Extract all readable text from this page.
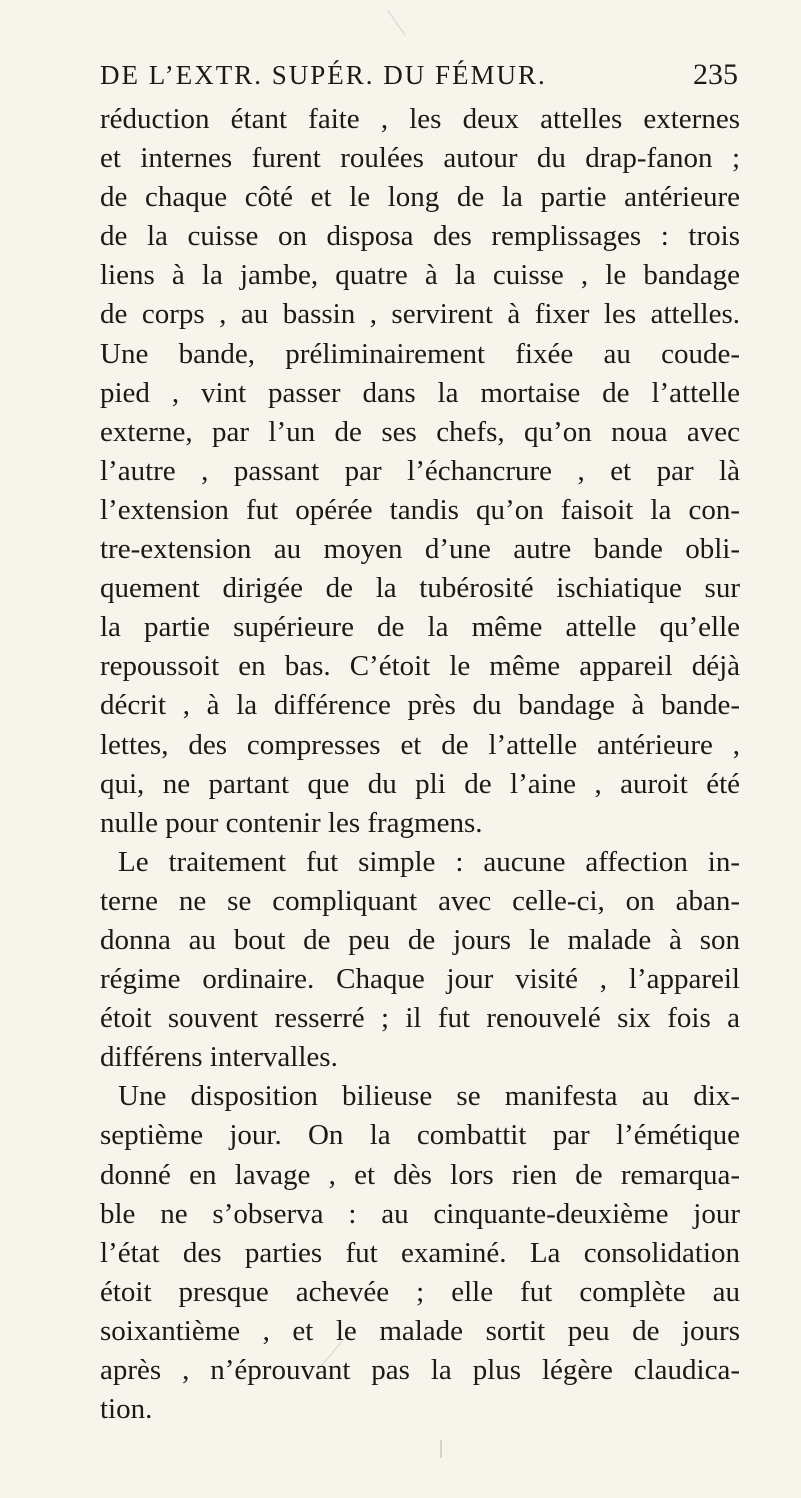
DE L’EXTR. SUPÉR. DU FÉMUR.	235
réduction étant faite , les deux attelles externes
et internes furent roulées autour du drap-fanon ;
de chaque côté et le long de la partie antérieure
de la cuisse on disposa des remplissages : trois
liens à la jambe, quatre à la cuisse , le bandage
de corps , au bassin , servirent à fixer les attelles.
Une bande, préliminairement fixée au coude-
pied , vint passer dans la mortaise de l’attelle
externe, par l’un de ses chefs, qu’on noua avec
l’autre , passant par l’échancrure , et par là
l’extension fut opérée tandis qu’on faisoit la con-
tre-extension au moyen d’une autre bande obli-
quement dirigée de la tubérosité ischiatique sur
la partie supérieure de la même attelle qu’elle
repoussoit en bas. C’étoit le même appareil déjà
décrit , à la différence près du bandage à bande-
lettes, des compresses et de l’attelle antérieure ,
qui, ne partant que du pli de l’aine , auroit été
nulle pour contenir les fragmens.
Le traitement fut simple : aucune affection in-
terne ne se compliquant avec celle-ci, on aban-
donna au bout de peu de jours le malade à son
régime ordinaire. Chaque jour visité , l’appareil
étoit souvent resserré ; il fut renouvelé six fois a
différens intervalles.
Une disposition bilieuse se manifesta au dix-
septième jour. On la combattit par l’émétique
donné en lavage , et dès lors rien de remarqua-
ble ne s’observa : au cinquante-deuxième jour
l’état des parties fut examiné. La consolidation
étoit presque achevée ; elle fut complète au
soixantième , et le malade sortit peu de jours
après , n’éprouvant pas la plus légère claudica-
tion.
